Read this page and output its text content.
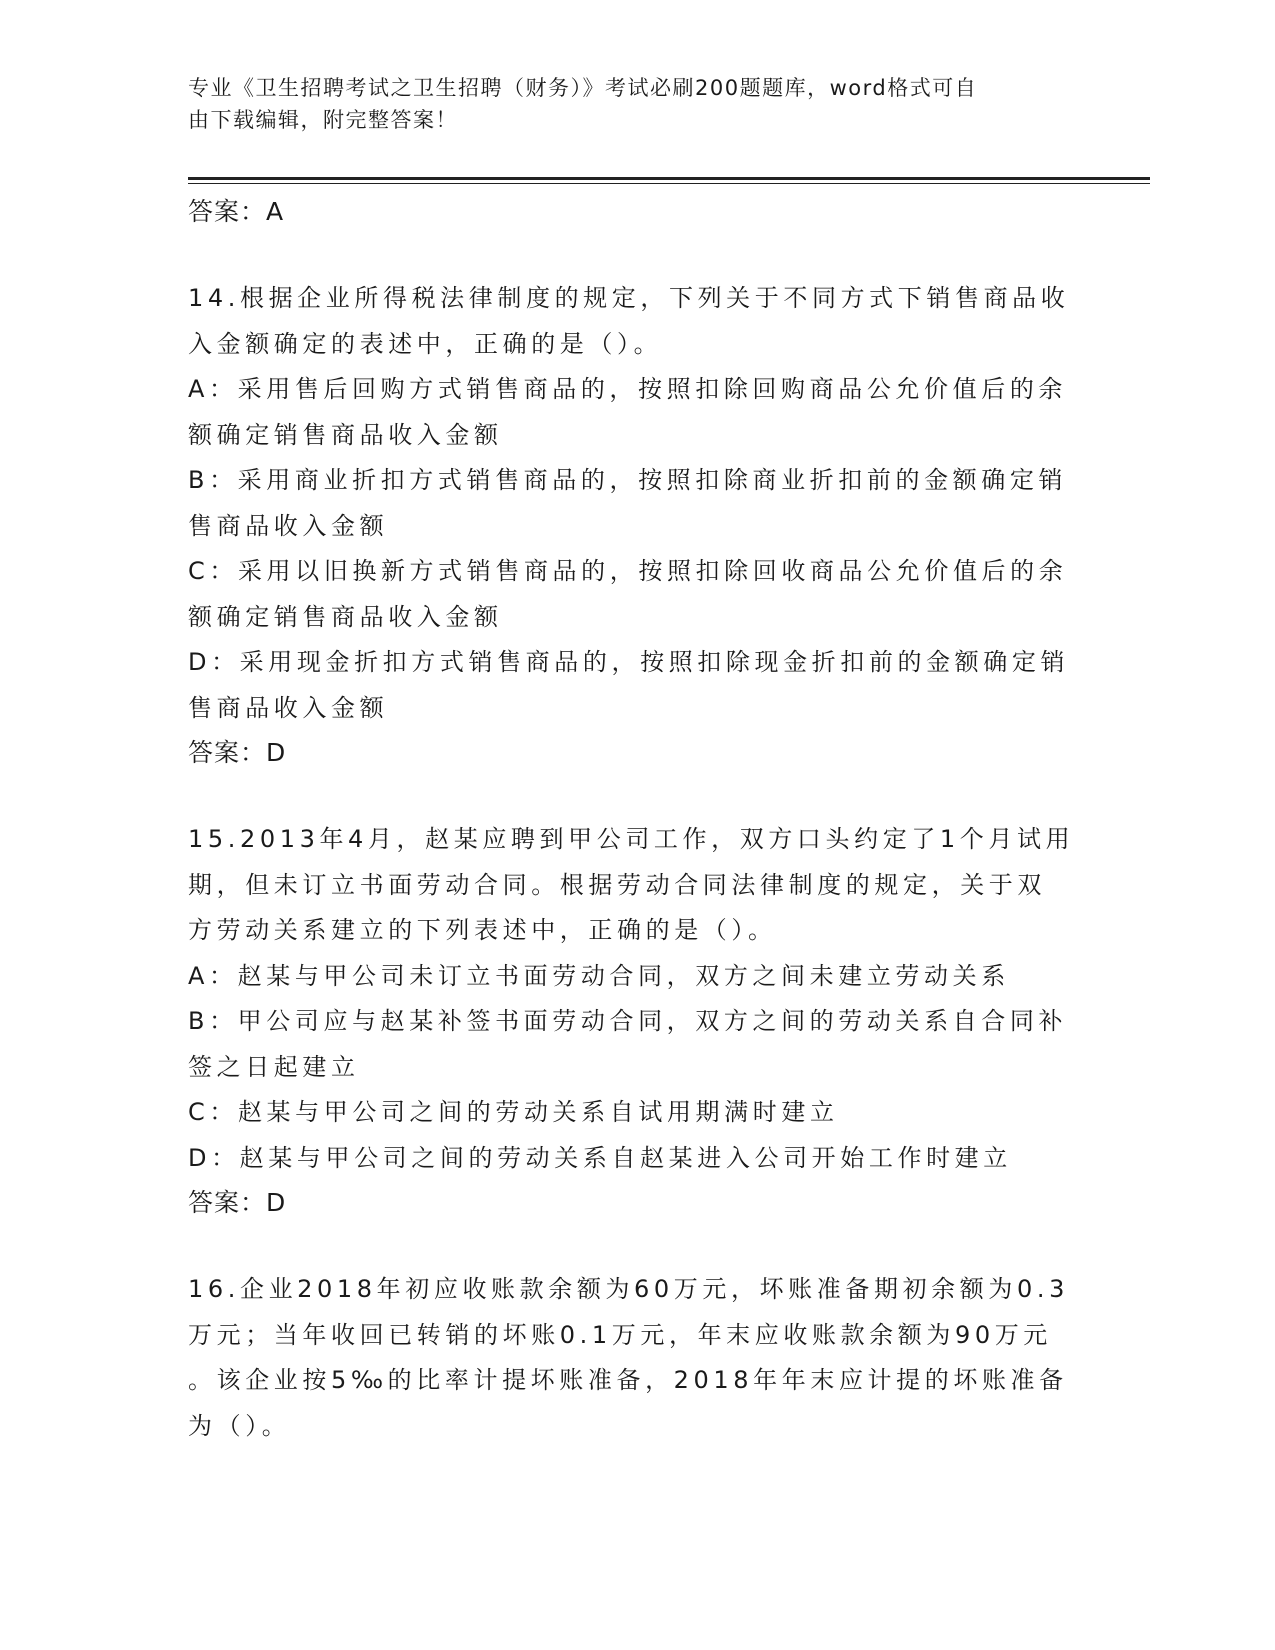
专业《卫生招聘考试之卫生招聘（财务）》考试必刷200题题库，word格式可自
由下载编辑，附完整答案！
答案：A
14.根据企业所得税法律制度的规定，下列关于不同方式下销售商品收
入金额确定的表述中，正确的是（）。
A：采用售后回购方式销售商品的，按照扣除回购商品公允价值后的余
额确定销售商品收入金额
B：采用商业折扣方式销售商品的，按照扣除商业折扣前的金额确定销
售商品收入金额
C：采用以旧换新方式销售商品的，按照扣除回收商品公允价值后的余
额确定销售商品收入金额
D：采用现金折扣方式销售商品的，按照扣除现金折扣前的金额确定销
售商品收入金额
答案：D
15.2013年4月，赵某应聘到甲公司工作，双方口头约定了1个月试用
期，但未订立书面劳动合同。根据劳动合同法律制度的规定，关于双
方劳动关系建立的下列表述中，正确的是（）。
A：赵某与甲公司未订立书面劳动合同，双方之间未建立劳动关系
B：甲公司应与赵某补签书面劳动合同，双方之间的劳动关系自合同补
签之日起建立
C：赵某与甲公司之间的劳动关系自试用期满时建立
D：赵某与甲公司之间的劳动关系自赵某进入公司开始工作时建立
答案：D
16.企业2018年初应收账款余额为60万元，坏账准备期初余额为0.3
万元；当年收回已转销的坏账0.1万元，年末应收账款余额为90万元
。该企业按5‰的比率计提坏账准备，2018年年末应计提的坏账准备
为（）。
